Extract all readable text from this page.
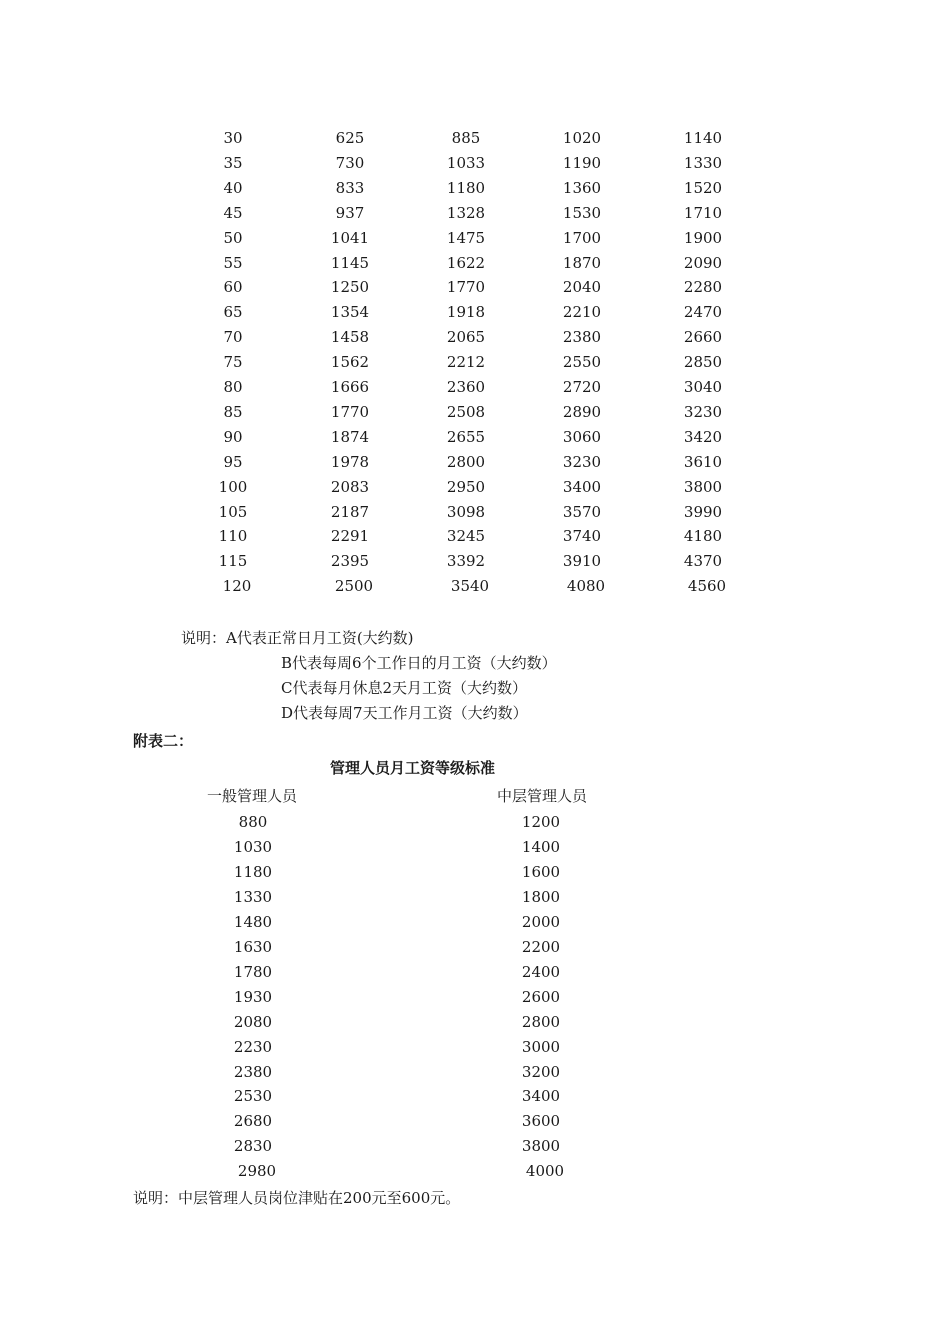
30	625	885	1020	1140
35	730	1033	1190	1330
40	833	1180	1360	1520
45	937	1328	1530	1710
50	1041	1475	1700	1900
55	1145	1622	1870	2090
60	1250	1770	2040	2280
65	1354	1918	2210	2470
70	1458	2065	2380	2660
75	1562	2212	2550	2850
80	1666	2360	2720	3040
85	1770	2508	2890	3230
90	1874	2655	3060	3420
95	1978	2800	3230	3610
100	2083	2950	3400	3800
105	2187	3098	3570	3990
110	2291	3245	3740	4180
115	2395	3392	3910	4370
120	2500	3540	4080	4560
说明：A代表正常日月工资(大约数)
B代表每周6个工作日的月工资（大约数）
C代表每月休息2天月工资（大约数）
D代表每周7天工作月工资（大约数）
附表二：
管理人员月工资等级标准
一般管理人员	中层管理人员
880	1200
1030	1400
1180	1600
1330	1800
1480	2000
1630	2200
1780	2400
1930	2600
2080	2800
2230	3000
2380	3200
2530	3400
2680	3600
2830	3800
2980	4000
说明：中层管理人员岗位津贴在200元至600元。
